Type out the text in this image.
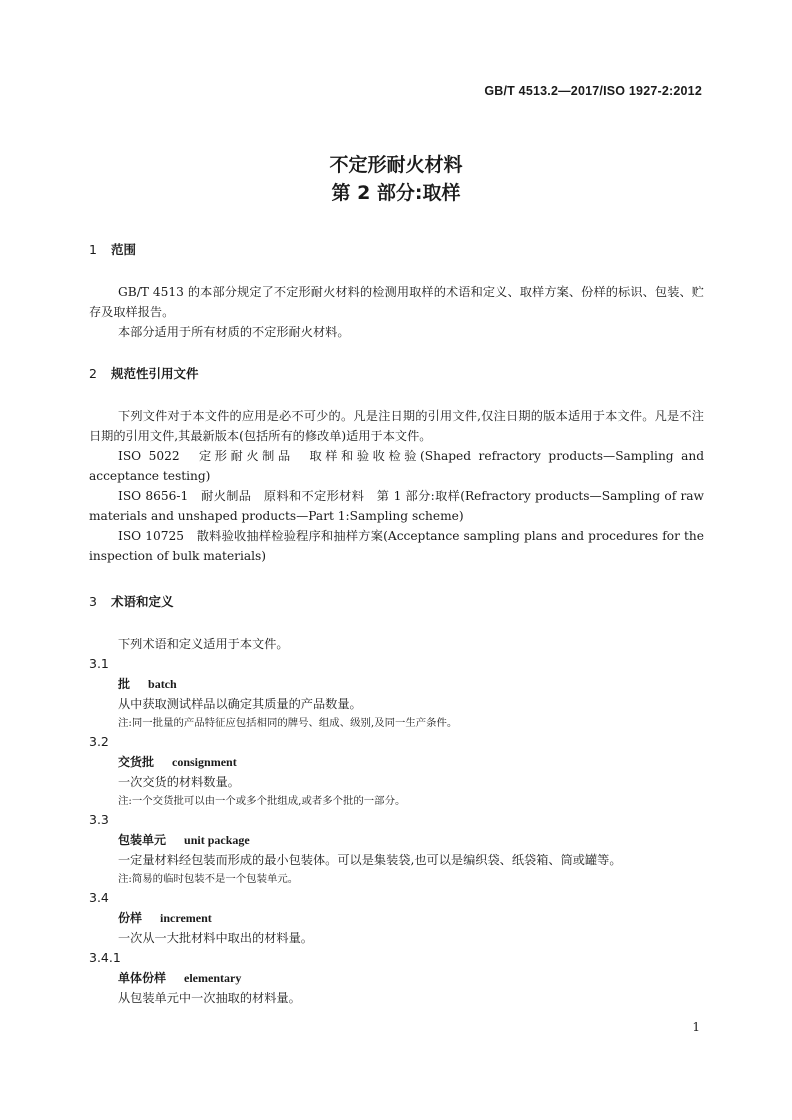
GB/T 4513.2—2017/ISO 1927-2:2012
不定形耐火材料
第 2 部分:取样
1 范围
GB/T 4513 的本部分规定了不定形耐火材料的检测用取样的术语和定义、取样方案、份样的标识、包装、贮存及取样报告。
本部分适用于所有材质的不定形耐火材料。
2 规范性引用文件
下列文件对于本文件的应用是必不可少的。凡是注日期的引用文件,仅注日期的版本适用于本文件。凡是不注日期的引用文件,其最新版本(包括所有的修改单)适用于本文件。
ISO 5022　定形耐火制品　取样和验收检验(Shaped refractory products—Sampling and acceptance testing)
ISO 8656-1　耐火制品　原料和不定形材料　第 1 部分:取样(Refractory products—Sampling of raw materials and unshaped products—Part 1:Sampling scheme)
ISO 10725　散料验收抽样检验程序和抽样方案(Acceptance sampling plans and procedures for the inspection of bulk materials)
3 术语和定义
下列术语和定义适用于本文件。
3.1
批 batch
从中获取测试样品以确定其质量的产品数量。
注:同一批量的产品特征应包括相同的牌号、组成、级别,及同一生产条件。
3.2
交货批 consignment
一次交货的材料数量。
注:一个交货批可以由一个或多个批组成,或者多个批的一部分。
3.3
包装单元 unit package
一定量材料经包装而形成的最小包装体。可以是集装袋,也可以是编织袋、纸袋箱、筒或罐等。
注:简易的临时包装不是一个包装单元。
3.4
份样 increment
一次从一大批材料中取出的材料量。
3.4.1
单体份样 elementary
从包装单元中一次抽取的材料量。
1
